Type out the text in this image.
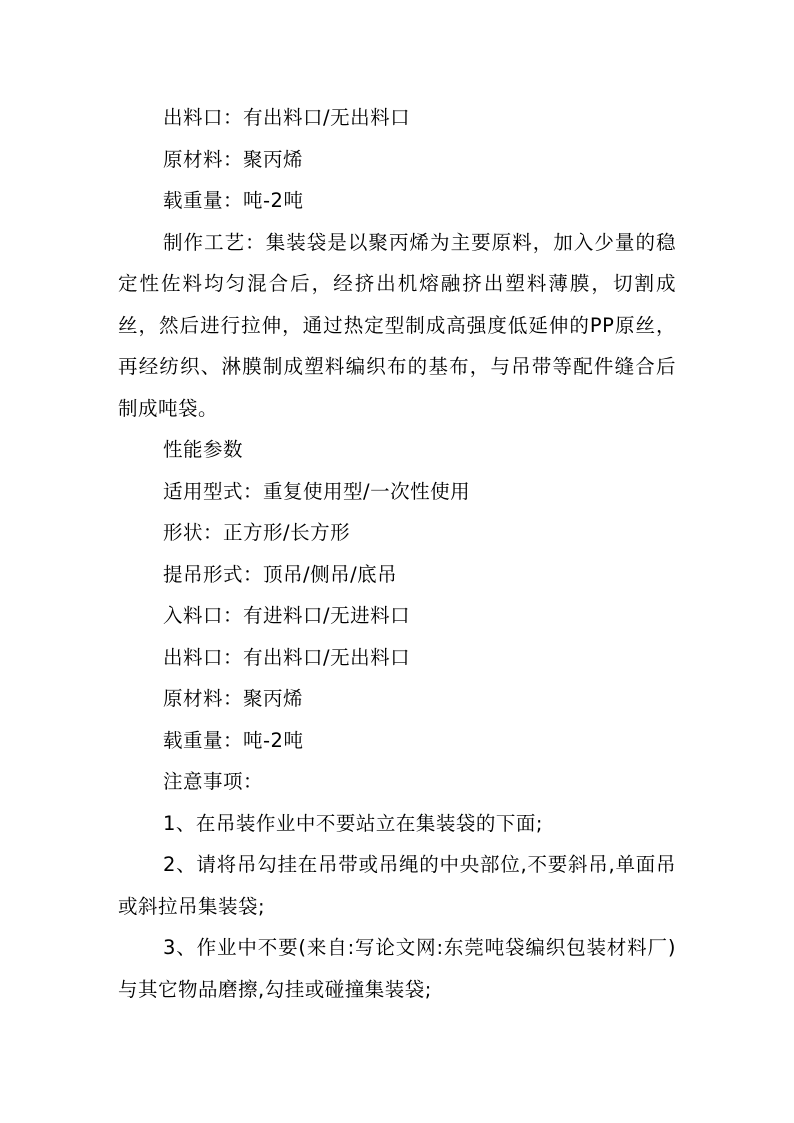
出料口：有出料口/无出料口
原材料：聚丙烯
载重量：吨-2吨
制作工艺：集装袋是以聚丙烯为主要原料，加入少量的稳定性佐料均匀混合后，经挤出机熔融挤出塑料薄膜，切割成丝，然后进行拉伸，通过热定型制成高强度低延伸的PP原丝，再经纺织、淋膜制成塑料编织布的基布，与吊带等配件缝合后制成吨袋。
性能参数
适用型式：重复使用型/一次性使用
形状：正方形/长方形
提吊形式：顶吊/侧吊/底吊
入料口：有进料口/无进料口
出料口：有出料口/无出料口
原材料：聚丙烯
载重量：吨-2吨
注意事项：
1、在吊装作业中不要站立在集装袋的下面;
2、请将吊勾挂在吊带或吊绳的中央部位,不要斜吊,单面吊或斜拉吊集装袋;
3、作业中不要(来自:写论文网:东莞吨袋编织包装材料厂)与其它物品磨擦,勾挂或碰撞集装袋;
